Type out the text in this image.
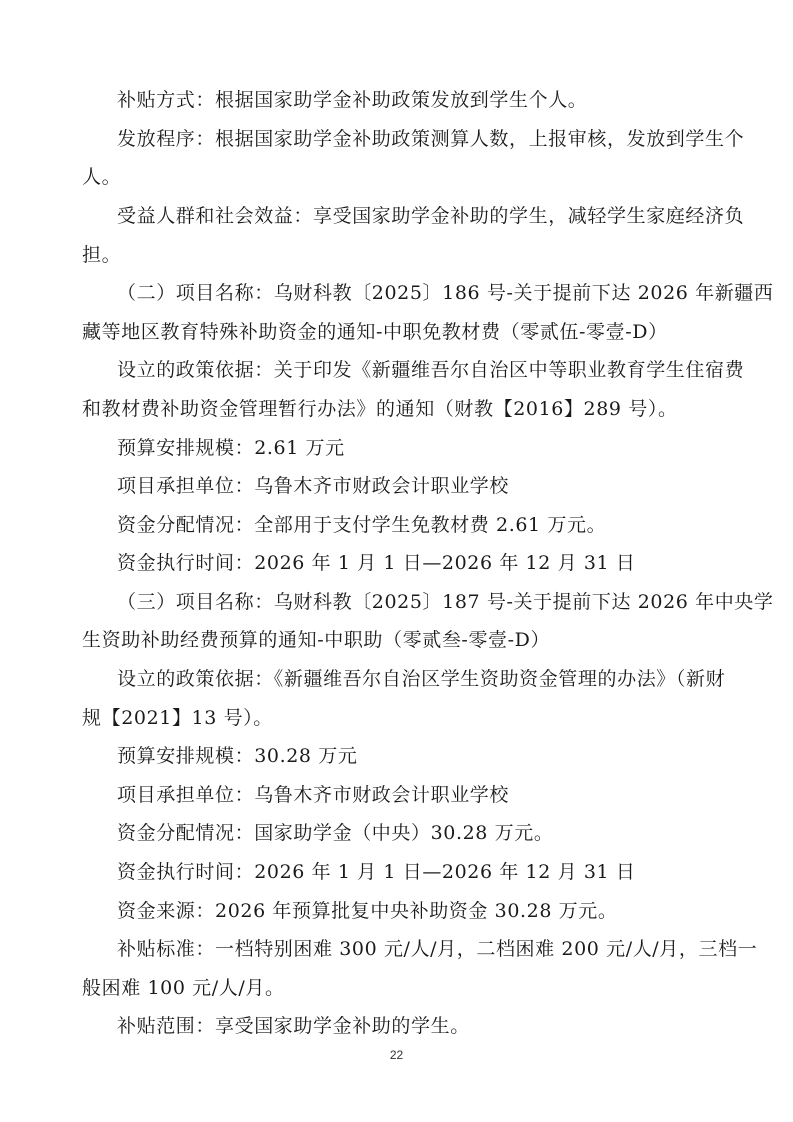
补贴方式：根据国家助学金补助政策发放到学生个人。
发放程序：根据国家助学金补助政策测算人数，上报审核，发放到学生个
人。
受益人群和社会效益：享受国家助学金补助的学生，减轻学生家庭经济负
担。
（二）项目名称：乌财科教〔2025〕186 号-关于提前下达 2026 年新疆西
藏等地区教育特殊补助资金的通知-中职免教材费（零贰伍-零壹-D）
设立的政策依据：关于印发《新疆维吾尔自治区中等职业教育学生住宿费
和教材费补助资金管理暂行办法》的通知（财教【2016】289 号）。
预算安排规模：2.61 万元
项目承担单位：乌鲁木齐市财政会计职业学校
资金分配情况：全部用于支付学生免教材费 2.61 万元。
资金执行时间：2026 年 1 月 1 日—2026 年 12 月 31 日
（三）项目名称：乌财科教〔2025〕187 号-关于提前下达 2026 年中央学
生资助补助经费预算的通知-中职助（零贰叁-零壹-D）
设立的政策依据：《新疆维吾尔自治区学生资助资金管理的办法》（新财
规【2021】13 号）。
预算安排规模：30.28 万元
项目承担单位：乌鲁木齐市财政会计职业学校
资金分配情况：国家助学金（中央）30.28 万元。
资金执行时间：2026 年 1 月 1 日—2026 年 12 月 31 日
资金来源：2026 年预算批复中央补助资金 30.28 万元。
补贴标准：一档特别困难 300 元/人/月，二档困难 200 元/人/月，三档一
般困难 100 元/人/月。
补贴范围：享受国家助学金补助的学生。
22
